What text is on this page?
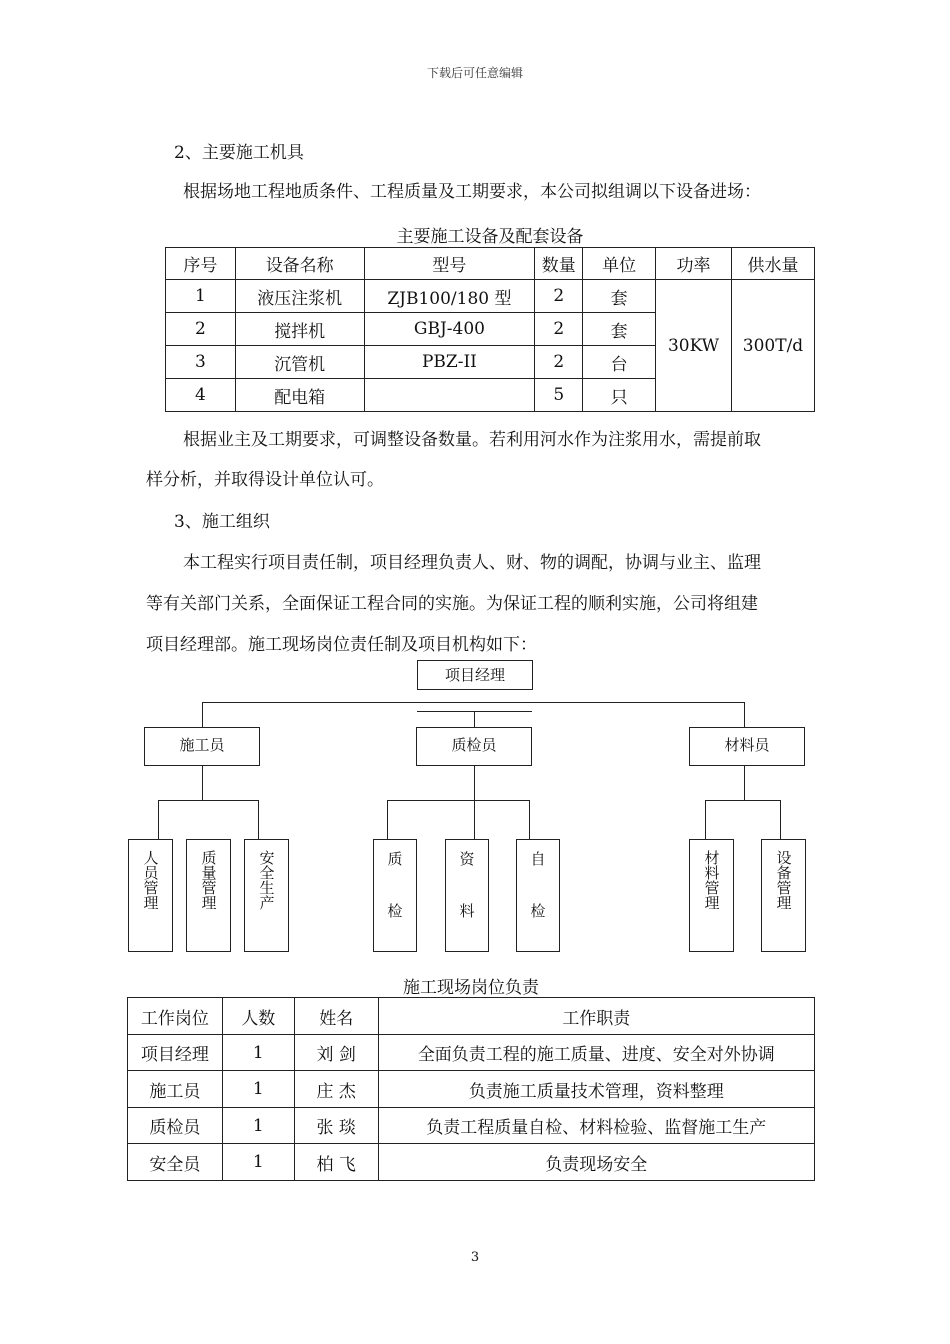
下载后可任意编辑
2、主要施工机具
根据场地工程地质条件、工程质量及工期要求，本公司拟组调以下设备进场：
主要施工设备及配套设备
序号	设备名称	型号	数量	单位	功率	供水量
1	液压注浆机	ZJB100/180 型	2	套	30KW	300T/d
2	搅拌机	GBJ-400	2	套		
3	沉管机	PBZ-II	2	台		
4	配电箱		5	只		
根据业主及工期要求，可调整设备数量。若利用河水作为注浆用水，需提前取
样分析，并取得设计单位认可。
3、施工组织
本工程实行项目责任制，项目经理负责人、财、物的调配，协调与业主、监理
等有关部门关系，全面保证工程合同的实施。为保证工程的顺利实施，公司将组建
项目经理部。施工现场岗位责任制及项目机构如下：
项目经理
施工员	质检员	材料员
人员管理	质量管理	安全生产	质
检
资
料
自
检
材料管理	设备管理
施工现场岗位负责
工作岗位	人数	姓名	工作职责
项目经理	1	刘 剑	全面负责工程的施工质量、进度、安全对外协调
施工员	1	庄 杰	负责施工质量技术管理，资料整理
质检员	1	张 琰	负责工程质量自检、材料检验、监督施工生产
安全员	1	柏 飞	负责现场安全
3
